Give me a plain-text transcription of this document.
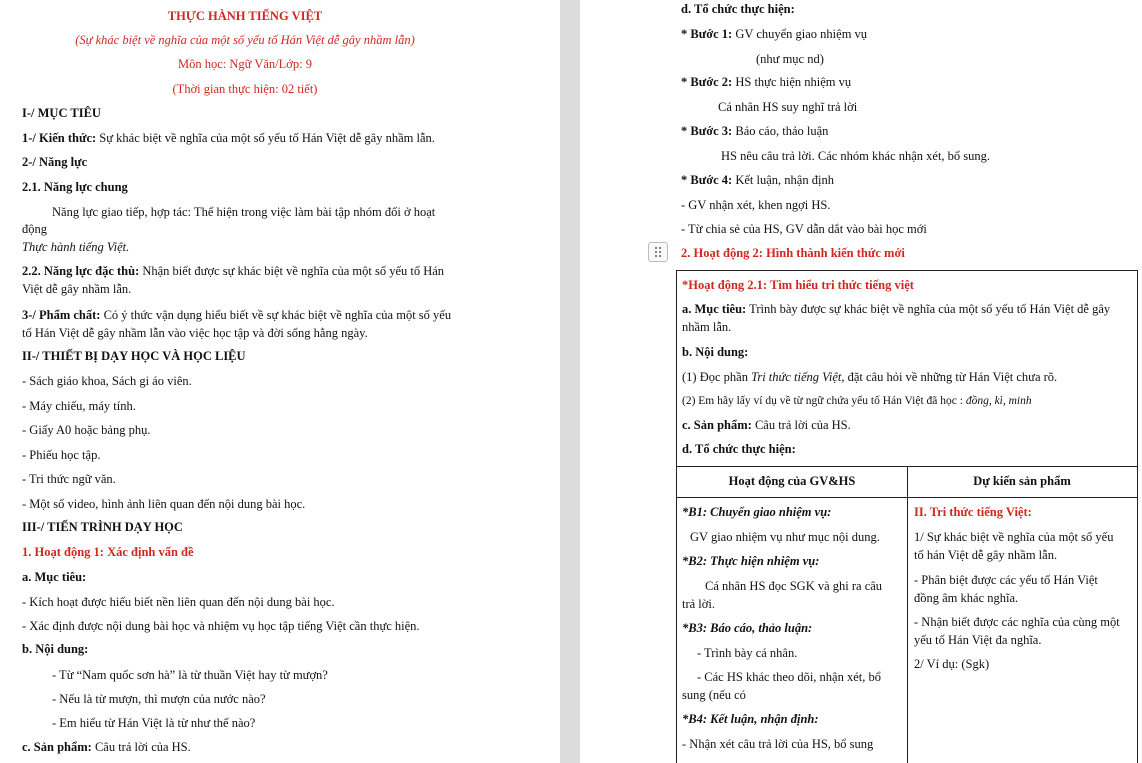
THỰC HÀNH TIẾNG VIỆT
(Sự khác biệt về nghĩa của một số yếu tố Hán Việt dễ gây nhầm lẫn)
Môn học: Ngữ Văn/Lớp: 9
(Thời gian thực hiện: 02 tiết)
I-/ MỤC TIÊU
1-/ Kiến thức: Sự khác biệt về nghĩa của một số yếu tố Hán Việt dễ gây nhầm lẫn.
2-/ Năng lực
2.1. Năng lực chung
Năng lực giao tiếp, hợp tác: Thể hiện trong việc làm bài tập nhóm đối ở hoạt
động
Thực hành tiếng Việt.
2.2. Năng lực đặc thù: Nhận biết được sự khác biệt về nghĩa của một số yếu tố Hán
Việt dễ gây nhầm lẫn.
3-/ Phẩm chất: Có ý thức vận dụng hiểu biết về sự khác biệt về nghĩa của một số yếu
tố Hán Việt dễ gây nhầm lẫn vào việc học tập và đời sống hằng ngày.
II-/ THIẾT BỊ DẠY HỌC VÀ HỌC LIỆU
- Sách giáo khoa, Sách gi áo viên.
- Máy chiếu, máy tính.
- Giấy A0 hoặc bảng phụ.
- Phiếu học tập.
- Tri thức ngữ văn.
- Một số video, hình ảnh liên quan đến nội dung bài học.
III-/ TIẾN TRÌNH DẠY HỌC
1. Hoạt động 1: Xác định vấn đề
a. Mục tiêu:
- Kích hoạt được hiểu biết nền liên quan đến nội dung bài học.
- Xác định được nội dung bài học và nhiệm vụ học tập tiếng Việt cần thực hiện.
b. Nội dung:
- Từ “Nam quốc sơn hà” là từ thuần Việt hay từ mượn?
- Nếu là từ mượn, thì mượn của nước nào?
- Em hiểu từ Hán Việt là từ như thế nào?
c. Sản phẩm: Câu trả lời của HS.
d. Tổ chức thực hiện:
* Bước 1: GV chuyển giao nhiệm vụ
(như mục nd)
* Bước 2: HS thực hiện nhiệm vụ
Cá nhân HS suy nghĩ trả lời
* Bước 3: Báo cáo, thảo luận
HS nêu câu trả lời. Các nhóm khác nhận xét, bổ sung.
* Bước 4: Kết luận, nhận định
- GV nhận xét, khen ngợi HS.
- Từ chia sẻ của HS, GV dẫn dắt vào bài học mới
2. Hoạt động 2: Hình thành kiến thức mới
*Hoạt động 2.1: Tìm hiểu tri thức tiếng việt
a. Mục tiêu: Trình bày được sự khác biệt về nghĩa của một số yếu tố Hán Việt dễ gây
nhầm lẫn.
b. Nội dung:
(1) Đọc phần Tri thức tiếng Việt, đặt câu hỏi về những từ Hán Việt chưa rõ.
(2) Em hãy lấy ví dụ về từ ngữ chứa yếu tố Hán Việt đã học : đồng, kì, minh
c. Sản phẩm: Câu trả lời của HS.
d. Tổ chức thực hiện:
Hoạt động của GV&HS	Dự kiến sản phẩm
*B1: Chuyển giao nhiệm vụ:
GV giao nhiệm vụ như mục nội dung.
*B2: Thực hiện nhiệm vụ:
Cá nhân HS đọc SGK và ghi ra câu
trả lời.
*B3: Báo cáo, thảo luận:
- Trình bày cá nhân.
- Các HS khác theo dõi, nhận xét, bổ
sung (nếu có
*B4: Kết luận, nhận định:
- Nhận xét câu trả lời của HS, bổ sung
II. Tri thức tiếng Việt:
1/ Sự khác biệt về nghĩa của một số yếu
tố hán Việt dễ gây nhầm lẫn.
- Phân biệt được các yếu tố Hán Việt
đồng âm khác nghĩa.
- Nhận biết được các nghĩa của cùng một
yếu tố Hán Việt đa nghĩa.
2/ Ví dụ: (Sgk)
